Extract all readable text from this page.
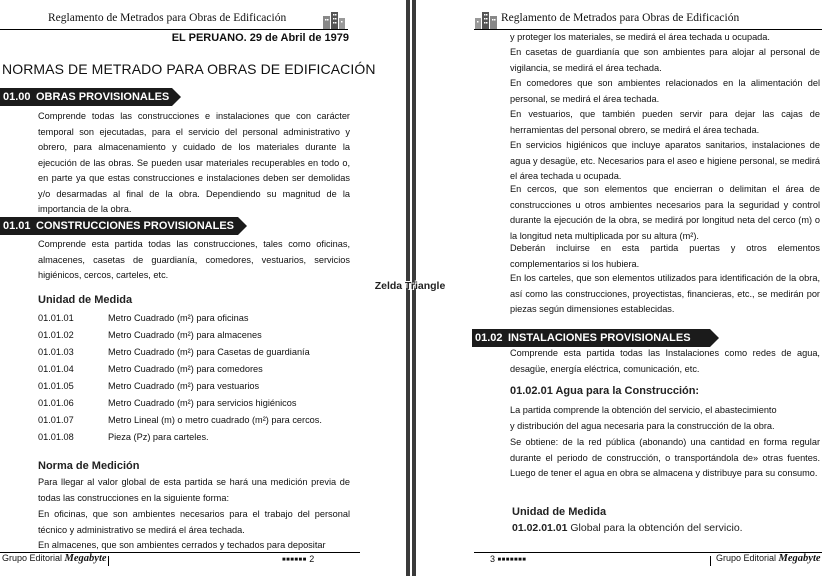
Reglamento de Metrados para Obras de Edificación
EL PERUANO. 29 de Abril de 1979
NORMAS DE METRADO PARA OBRAS DE EDIFICACIÓN
01.00 OBRAS PROVISIONALES
Comprende todas las construcciones e instalaciones que con carácter temporal son ejecutadas, para el servicio del personal administrativo y obrero, para almacenamiento y cuidado de los materiales durante la ejecución de las obras. Se pueden usar materiales recuperables en todo o, en parte ya que estas construcciones e instalaciones deben ser demolidas y/o desarmadas al final de la obra. Dependiendo su magnitud de la importancia de la obra.
01.01 CONSTRUCCIONES PROVISIONALES
Comprende esta partida todas las construcciones, tales como oficinas, almacenes, casetas de guardianía, comedores, vestuarios, servicios higiénicos, cercos, carteles, etc.
Unidad de Medida
01.01.01	Metro Cuadrado (m²) para oficinas
01.01.02	Metro Cuadrado (m²) para almacenes
01.01.03	Metro Cuadrado (m²) para Casetas de guardianía
01.01.04	Metro Cuadrado (m²) para comedores
01.01.05	Metro Cuadrado (m²) para vestuarios
01.01.06	Metro Cuadrado (m²) para servicios higiénicos
01.01.07	Metro Lineal (m) o metro cuadrado (m²) para cercos.
01.01.08	Pieza (Pz) para carteles.
Norma de Medición
Para llegar al valor global de esta partida se hará una medición previa de todas las construcciones en la siguiente forma:
En oficinas, que son ambientes necesarios para el trabajo del personal técnico y administrativo se medirá el área techada.
En almacenes, que son ambientes cerrados y techados para depositar
Grupo Editorial Megabyte	■■■■■■ 2
Zelda Triangle
Reglamento de Metrados para Obras de Edificación
y proteger los materiales, se medirá el área techada u ocupada.
En casetas de guardianía que son ambientes para alojar al personal de vigilancia, se medirá el área techada.
En comedores que son ambientes relacionados en la alimentación del personal, se medirá el área techada.
En vestuarios, que también pueden servir para dejar las cajas de herramientas del personal obrero, se medirá el área techada.
En servicios higiénicos que incluye aparatos sanitarios, instalaciones de agua y desagüe, etc. Necesarios para el aseo e higiene personal, se medirá el área techada u ocupada.
En cercos, que son elementos que encierran o delimitan el área de construcciones u otros ambientes necesarios para la seguridad y control durante la ejecución de la obra, se medirá por longitud neta del cerco (m) o la longitud neta multiplicada por su altura (m²).
Deberán incluirse en esta partida puertas y otros elementos complementarios si los hubiera.
En los carteles, que son elementos utilizados para identificación de la obra, así como las construcciones, proyectistas, financieras, etc., se medirán por piezas según dimensiones establecidas.
01.02 INSTALACIONES PROVISIONALES
Comprende esta partida todas las Instalaciones como redes de agua, desagüe, energía eléctrica, comunicación, etc.
01.02.01 Agua para la Construcción:
La partida comprende la obtención del servicio, el abastecimiento
y distribución del agua necesaria para la construcción de la obra.
Se obtiene: de la red pública (abonando) una cantidad en forma regular durante el periodo de construcción, o transportándola de» otras fuentes. Luego de tener el agua en obra se almacena y distribuye para su consumo.
Unidad de Medida
01.02.01.01 Global para la obtención del servicio.
3 ■■■■■■■	Grupo Editorial Megabyte
